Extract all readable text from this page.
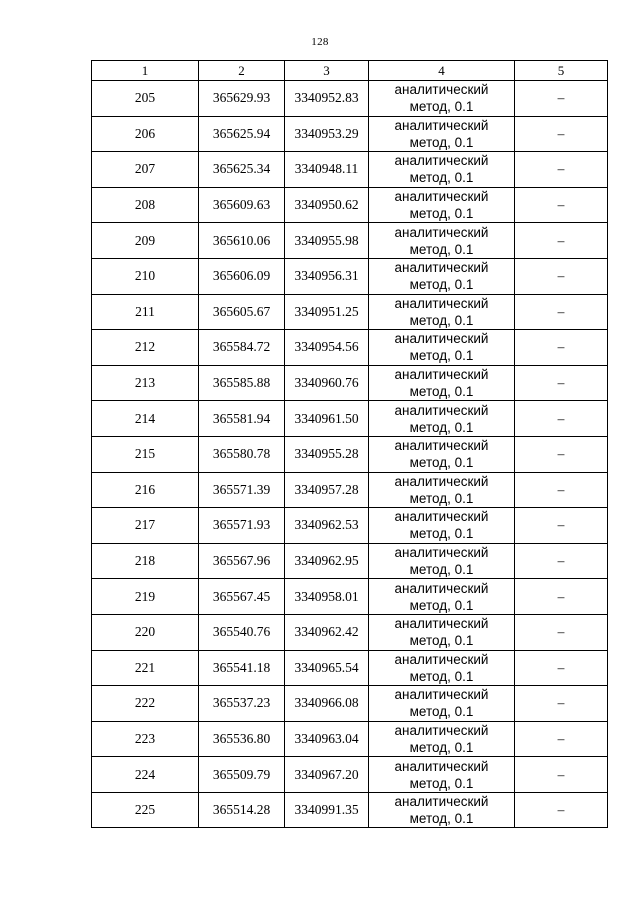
128
1	2	3	4	5
205	365629.93	3340952.83	аналитический
метод, 0.1	–
206	365625.94	3340953.29	аналитический
метод, 0.1	–
207	365625.34	3340948.11	аналитический
метод, 0.1	–
208	365609.63	3340950.62	аналитический
метод, 0.1	–
209	365610.06	3340955.98	аналитический
метод, 0.1	–
210	365606.09	3340956.31	аналитический
метод, 0.1	–
211	365605.67	3340951.25	аналитический
метод, 0.1	–
212	365584.72	3340954.56	аналитический
метод, 0.1	–
213	365585.88	3340960.76	аналитический
метод, 0.1	–
214	365581.94	3340961.50	аналитический
метод, 0.1	–
215	365580.78	3340955.28	аналитический
метод, 0.1	–
216	365571.39	3340957.28	аналитический
метод, 0.1	–
217	365571.93	3340962.53	аналитический
метод, 0.1	–
218	365567.96	3340962.95	аналитический
метод, 0.1	–
219	365567.45	3340958.01	аналитический
метод, 0.1	–
220	365540.76	3340962.42	аналитический
метод, 0.1	–
221	365541.18	3340965.54	аналитический
метод, 0.1	–
222	365537.23	3340966.08	аналитический
метод, 0.1	–
223	365536.80	3340963.04	аналитический
метод, 0.1	–
224	365509.79	3340967.20	аналитический
метод, 0.1	–
225	365514.28	3340991.35	аналитический
метод, 0.1	–
